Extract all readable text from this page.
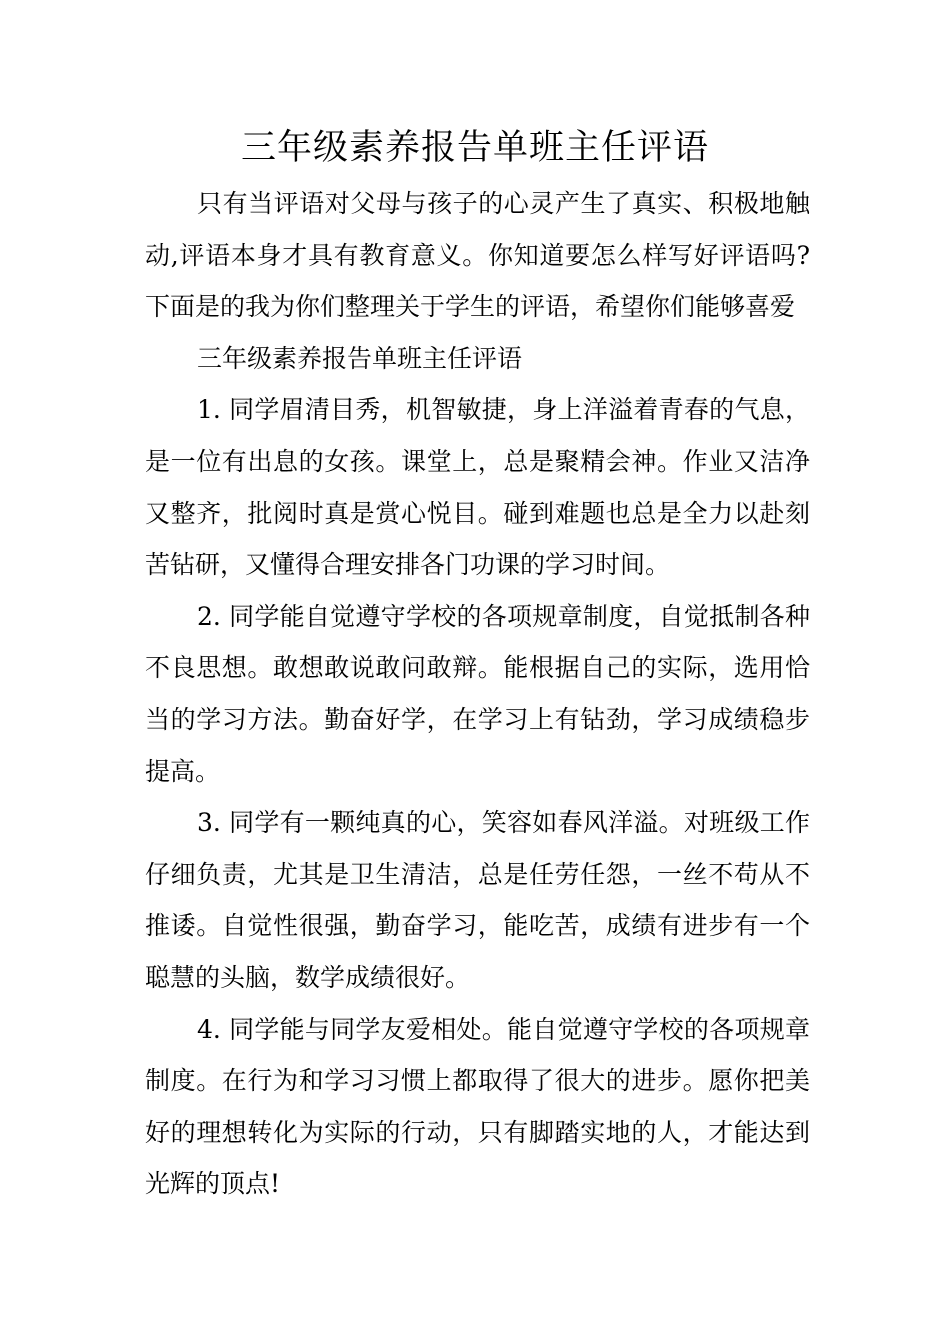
三年级素养报告单班主任评语

只有当评语对父母与孩子的心灵产生了真实、积极地触动,评语本身才具有教育意义。你知道要怎么样写好评语吗?下面是的我为你们整理关于学生的评语，希望你们能够喜爱

三年级素养报告单班主任评语

1. 同学眉清目秀，机智敏捷，身上洋溢着青春的气息，是一位有出息的女孩。课堂上，总是聚精会神。作业又洁净又整齐，批阅时真是赏心悦目。碰到难题也总是全力以赴刻苦钻研，又懂得合理安排各门功课的学习时间。

2. 同学能自觉遵守学校的各项规章制度，自觉抵制各种不良思想。敢想敢说敢问敢辩。能根据自己的实际，选用恰当的学习方法。勤奋好学，在学习上有钻劲，学习成绩稳步提高。

3. 同学有一颗纯真的心，笑容如春风洋溢。对班级工作仔细负责，尤其是卫生清洁，总是任劳任怨，一丝不苟从不推诿。自觉性很强，勤奋学习，能吃苦，成绩有进步有一个聪慧的头脑，数学成绩很好。

4. 同学能与同学友爱相处。能自觉遵守学校的各项规章制度。在行为和学习习惯上都取得了很大的进步。愿你把美好的理想转化为实际的行动，只有脚踏实地的人，才能达到光辉的顶点!
